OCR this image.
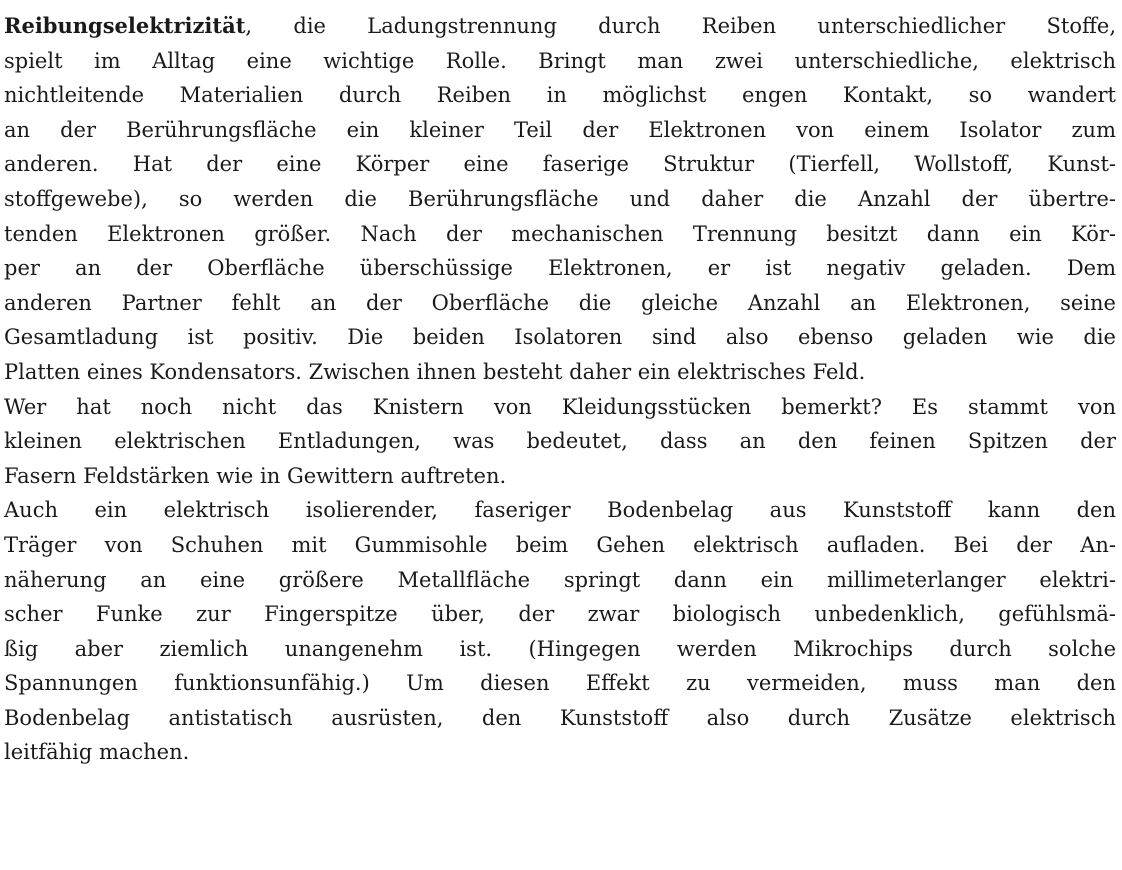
Reibungselektrizität, die Ladungstrennung durch Reiben unterschiedlicher Stoffe,
spielt im Alltag eine wichtige Rolle. Bringt man zwei unterschiedliche, elektrisch
nichtleitende Materialien durch Reiben in möglichst engen Kontakt, so wandert
an der Berührungsfläche ein kleiner Teil der Elektronen von einem Isolator zum
anderen. Hat der eine Körper eine faserige Struktur (Tierfell, Wollstoff, Kunst-
stoffgewebe), so werden die Berührungsfläche und daher die Anzahl der übertre-
tenden Elektronen größer. Nach der mechanischen Trennung besitzt dann ein Kör-
per an der Oberfläche überschüssige Elektronen, er ist negativ geladen. Dem
anderen Partner fehlt an der Oberfläche die gleiche Anzahl an Elektronen, seine
Gesamtladung ist positiv. Die beiden Isolatoren sind also ebenso geladen wie die
Platten eines Kondensators. Zwischen ihnen besteht daher ein elektrisches Feld.

Wer hat noch nicht das Knistern von Kleidungsstücken bemerkt? Es stammt von
kleinen elektrischen Entladungen, was bedeutet, dass an den feinen Spitzen der
Fasern Feldstärken wie in Gewittern auftreten.

Auch ein elektrisch isolierender, faseriger Bodenbelag aus Kunststoff kann den
Träger von Schuhen mit Gummisohle beim Gehen elektrisch aufladen. Bei der An-
näherung an eine größere Metallfläche springt dann ein millimeterlanger elektri-
scher Funke zur Fingerspitze über, der zwar biologisch unbedenklich, gefühlsmä-
ßig aber ziemlich unangenehm ist. (Hingegen werden Mikrochips durch solche
Spannungen funktionsunfähig.) Um diesen Effekt zu vermeiden, muss man den
Bodenbelag antistatisch ausrüsten, den Kunststoff also durch Zusätze elektrisch
leitfähig machen.
